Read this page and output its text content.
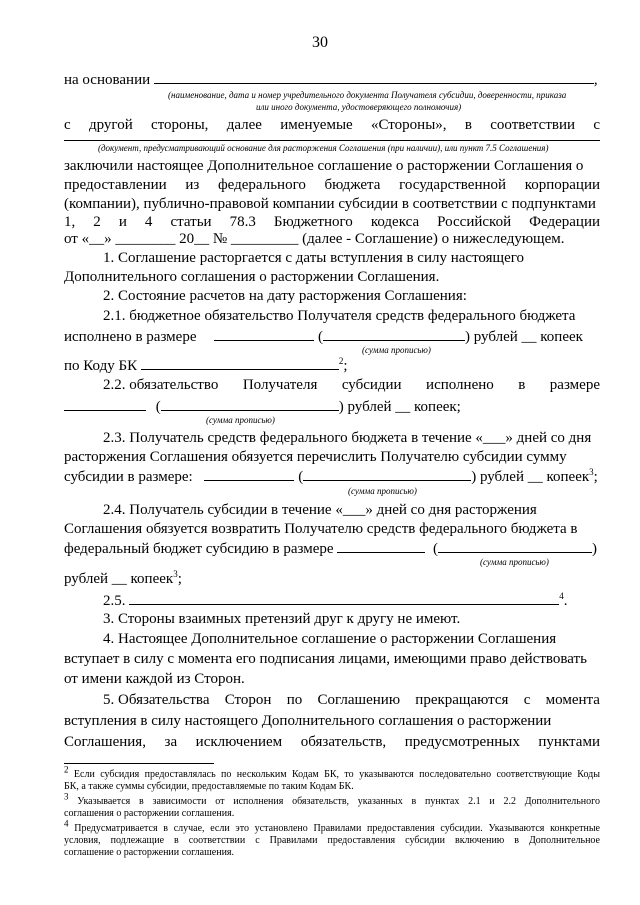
30
на основании	,
(наименование, дата и номер учредительного документа Получателя субсидии, доверенности, приказа
или иного документа, удостоверяющего полномочия)
с другой стороны, далее именуемые «Стороны», в соответствии с
(документ, предусматривающий основание для расторжения Соглашения (при наличии), или пункт 7.5 Соглашения)
заключили настоящее Дополнительное соглашение о расторжении Соглашения о
предоставлении из федерального бюджета государственной корпорации
(компании), публично-правовой компании субсидии в соответствии с подпунктами
1, 2 и 4 статьи 78.3 Бюджетного кодекса Российской Федерации
от «__» ________ 20__ № _________ (далее - Соглашение) о нижеследующем.
1. Соглашение расторгается с даты вступления в силу настоящего
Дополнительного соглашения о расторжении Соглашения.
2. Состояние расчетов на дату расторжения Соглашения:
2.1. бюджетное обязательство Получателя средств федерального бюджета
исполнено в размере	(	) рублей __ копеек
(сумма прописью)
по Коду БК	$^2$;
2.2. обязательство Получателя субсидии исполнено в размере
(	) рублей __ копеек;
(сумма прописью)
2.3. Получатель средств федерального бюджета в течение «___» дней со дня
расторжения Соглашения обязуется перечислить Получателю субсидии сумму
субсидии в размере:	(	) рублей __ копеек$^3$;
(сумма прописью)
2.4. Получатель субсидии в течение «___» дней со дня расторжения
Соглашения обязуется возвратить Получателю средств федерального бюджета в
федеральный бюджет субсидию в размере	(	)
(сумма прописью)
рублей __ копеек$^3$;
2.5.	$^4$.
3. Стороны взаимных претензий друг к другу не имеют.
4. Настоящее Дополнительное соглашение о расторжении Соглашения
вступает в силу с момента его подписания лицами, имеющими право действовать
от имени каждой из Сторон.
5. Обязательства Сторон по Соглашению прекращаются с момента
вступления в силу настоящего Дополнительного соглашения о расторжении
Соглашения, за исключением обязательств, предусмотренных пунктами
$^2$ Если субсидия предоставлялась по нескольким Кодам БК, то указываются последовательно соответствующие Коды
БК, а также суммы субсидии, предоставляемые по таким Кодам БК.
$^3$ Указывается в зависимости от исполнения обязательств, указанных в пунктах 2.1 и 2.2 Дополнительного
соглашения о расторжении соглашения.
$^4$ Предусматривается в случае, если это установлено Правилами предоставления субсидии. Указываются конкретные
условия, подлежащие в соответствии с Правилами предоставления субсидии включению в Дополнительное
соглашение о расторжении соглашения.
